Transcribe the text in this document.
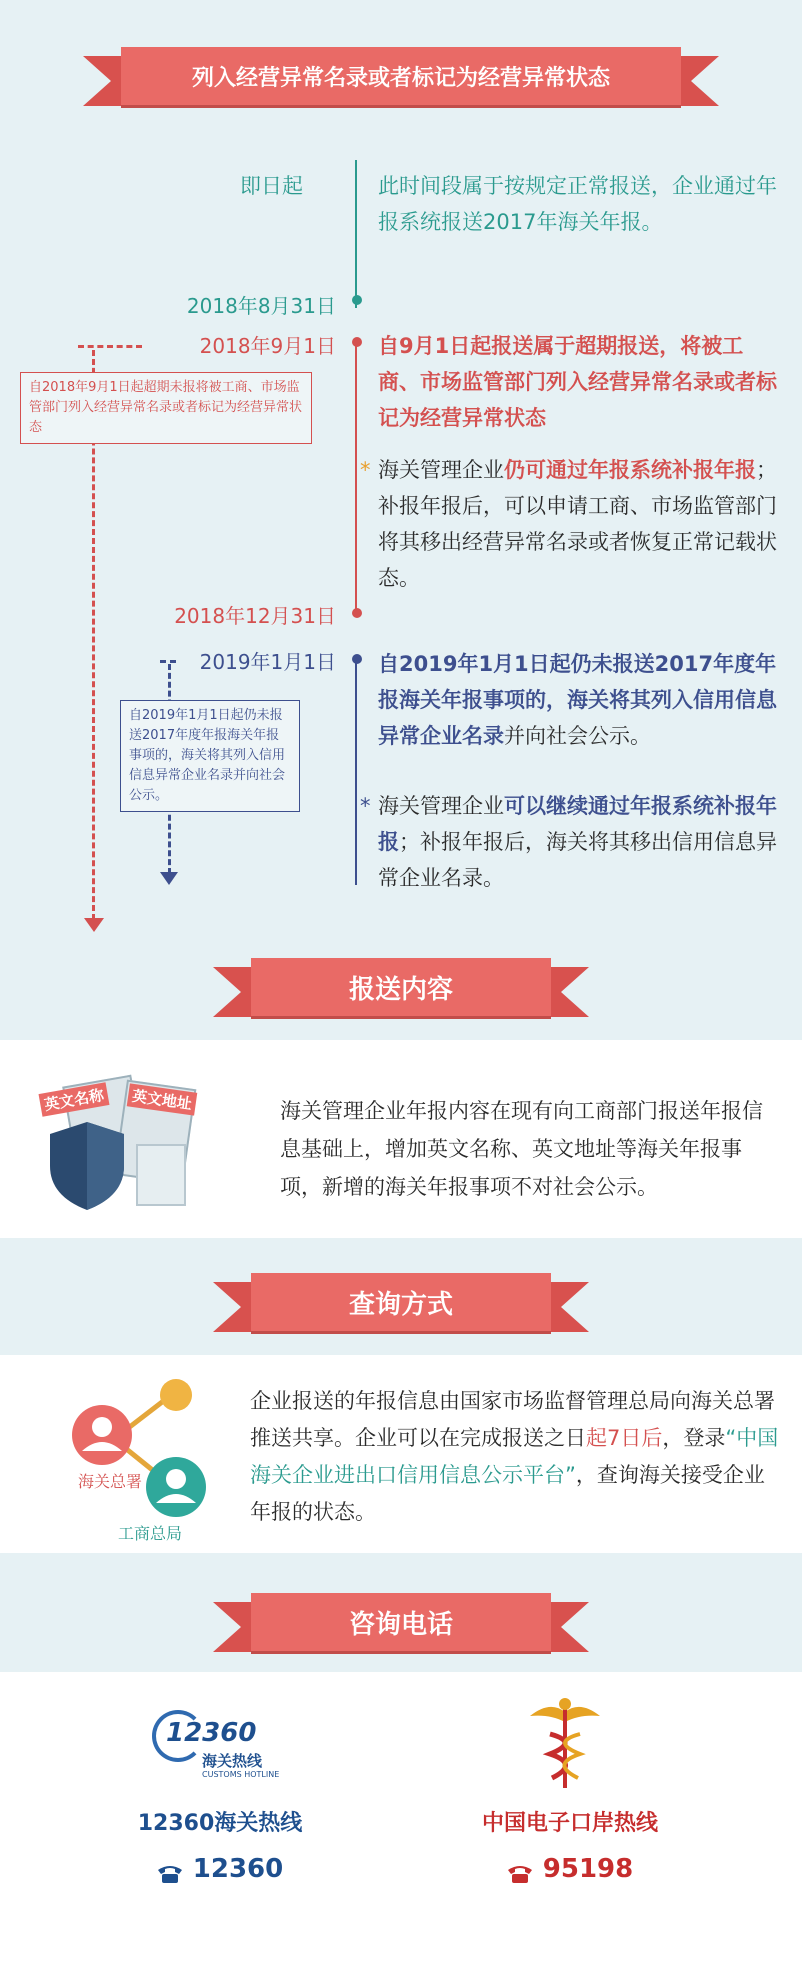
列入经营异常名录或者标记为经营异常状态
即日起	此时间段属于按规定正常报送，企业通过年报系统报送2017年海关年报。
2018年8月31日
2018年9月1日
自2018年9月1日起超期未报将被工商、市场监管部门列入经营异常名录或者标记为经营异常状态
自9月1日起报送属于超期报送，将被工商、市场监管部门列入经营异常名录或者标记为经营异常状态
* 海关管理企业仍可通过年报系统补报年报；补报年报后，可以申请工商、市场监管部门将其移出经营异常名录或者恢复正常记载状态。
2018年12月31日
2019年1月1日
自2019年1月1日起仍未报送2017年度年报海关年报事项的，海关将其列入信用信息异常企业名录并向社会公示。
自2019年1月1日起仍未报送2017年度年报海关年报事项的，海关将其列入信用信息异常企业名录并向社会公示。
* 海关管理企业可以继续通过年报系统补报年报；补报年报后，海关将其移出信用信息异常企业名录。
报送内容
英文名称 英文地址	海关管理企业年报内容在现有向工商部门报送年报信息基础上，增加英文名称、英文地址等海关年报事项，新增的海关年报事项不对社会公示。
查询方式
海关总署
工商总局
企业报送的年报信息由国家市场监督管理总局向海关总署推送共享。企业可以在完成报送之日起7日后，登录“中国海关企业进出口信用信息公示平台”，查询海关接受企业年报的状态。
咨询电话
12360
海关热线
CUSTOMS HOTLINE
12360海关热线
12360
中国电子口岸热线
95198
